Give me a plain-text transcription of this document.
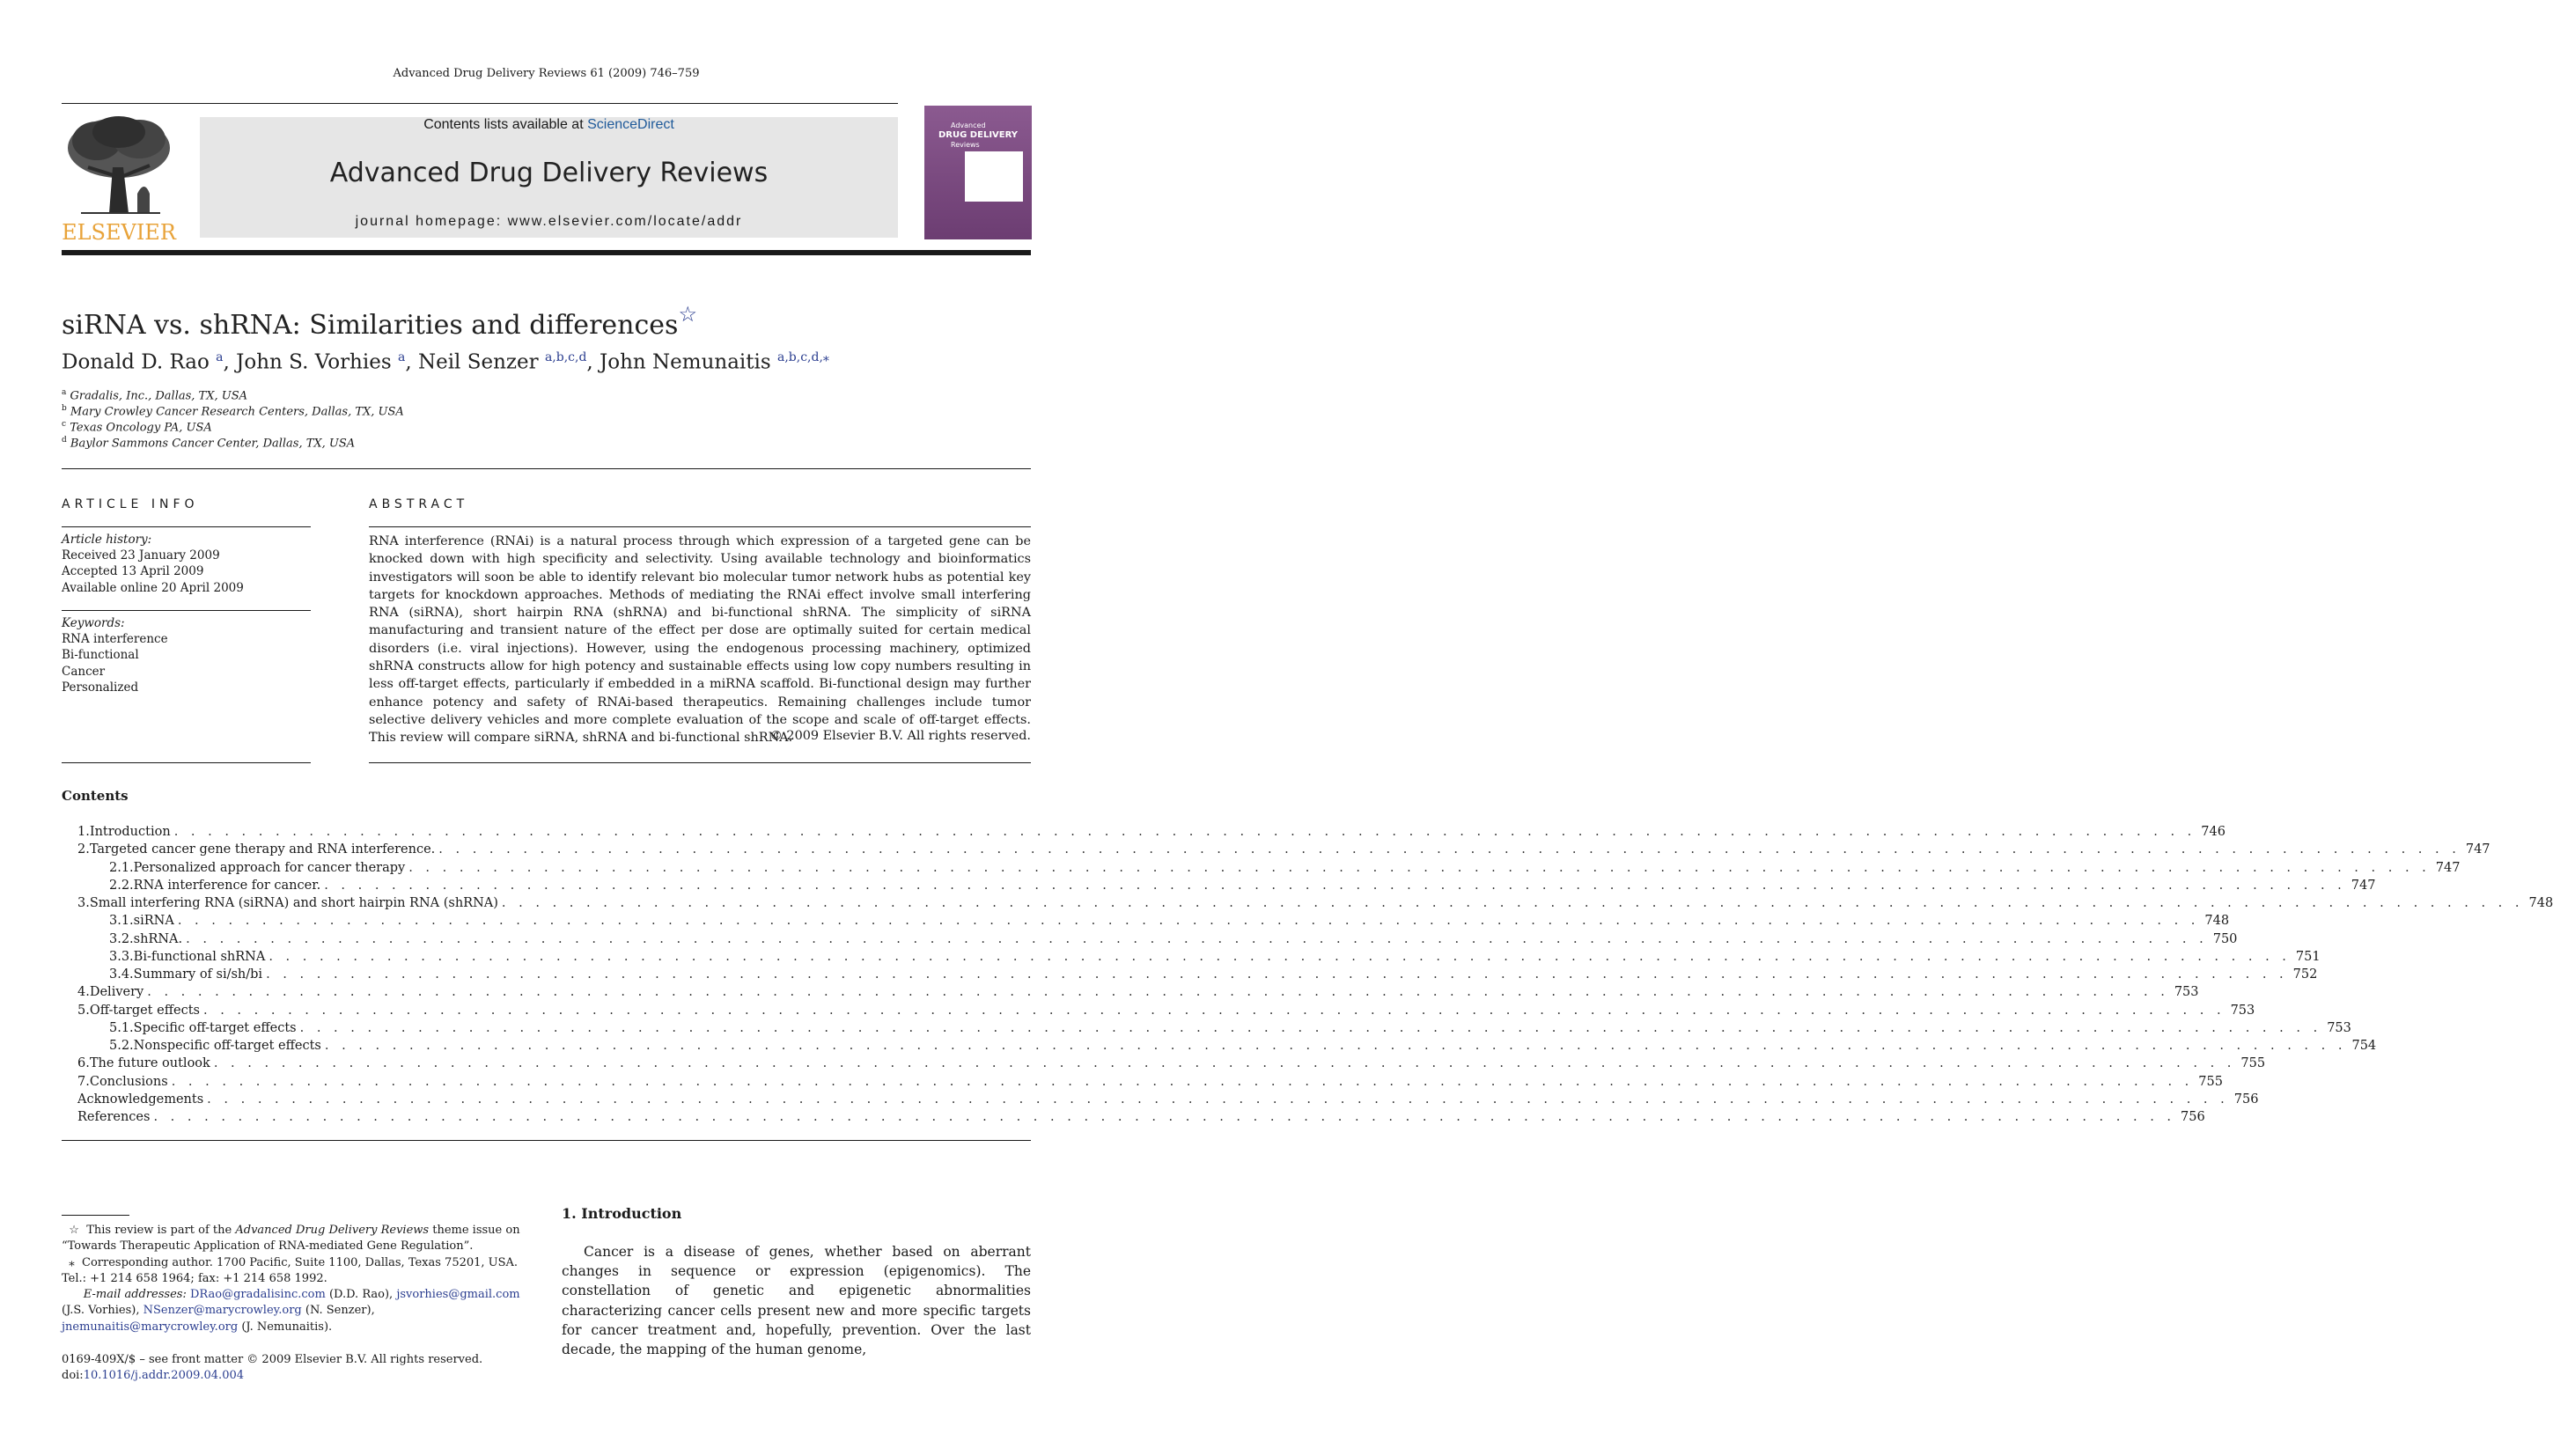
Advanced Drug Delivery Reviews 61 (2009) 746–759
ELSEVIER
Contents lists available at ScienceDirect
Advanced Drug Delivery Reviews
journal homepage: www.elsevier.com/locate/addr
Advanced
DRUG DELIVERY
Reviews
siRNA vs. shRNA: Similarities and differences☆
Donald D. Rao $^a$, John S. Vorhies $^a$, Neil Senzer $^{a,b,c,d}$, John Nemunaitis $^{a,b,c,d,⁎}$
$^a$ Gradalis, Inc., Dallas, TX, USA
$^b$ Mary Crowley Cancer Research Centers, Dallas, TX, USA
$^c$ Texas Oncology PA, USA
$^d$ Baylor Sammons Cancer Center, Dallas, TX, USA
ARTICLE INFO
Article history:
Received 23 January 2009
Accepted 13 April 2009
Available online 20 April 2009
Keywords:
RNA interference
Bi-functional
Cancer
Personalized
ABSTRACT
RNA interference (RNAi) is a natural process through which expression of a targeted gene can be knocked down with high specificity and selectivity. Using available technology and bioinformatics investigators will soon be able to identify relevant bio molecular tumor network hubs as potential key targets for knockdown approaches. Methods of mediating the RNAi effect involve small interfering RNA (siRNA), short hairpin RNA (shRNA) and bi-functional shRNA. The simplicity of siRNA manufacturing and transient nature of the effect per dose are optimally suited for certain medical disorders (i.e. viral injections). However, using the endogenous processing machinery, optimized shRNA constructs allow for high potency and sustainable effects using low copy numbers resulting in less off-target effects, particularly if embedded in a miRNA scaffold. Bi-functional design may further enhance potency and safety of RNAi-based therapeutics. Remaining challenges include tumor selective delivery vehicles and more complete evaluation of the scope and scale of off-target effects. This review will compare siRNA, shRNA and bi-functional shRNA.
© 2009 Elsevier B.V. All rights reserved.
Contents
1. Introduction . . . . . . . . . . . . . . . . . . . . . . . . . . . . . . . . . . . . . . . . . . . . . . . . . . . . . . . . . . . . . . . . . . . . . . . . . . . . . . . . . . . . . . . . . . . . . . . . . . . . . . . . . . . . . . . . . . . . . . . . 746
2. Targeted cancer gene therapy and RNA interference. . . . . . . . . . . . . . . . . . . . . . . . . . . . . . . . . . . . . . . . . . . . . . . . . . . . . . . . . . . . . . . . . . . . . . . . . . . . . . . . . . . . . . . . . . . . . . . . . . . . . . . . . . . . . . . . . . . . . . . . . 747
2.1. Personalized approach for cancer therapy . . . . . . . . . . . . . . . . . . . . . . . . . . . . . . . . . . . . . . . . . . . . . . . . . . . . . . . . . . . . . . . . . . . . . . . . . . . . . . . . . . . . . . . . . . . . . . . . . . . . . . . . . . . . . . . . . . . . . . . . 747
2.2. RNA interference for cancer. . . . . . . . . . . . . . . . . . . . . . . . . . . . . . . . . . . . . . . . . . . . . . . . . . . . . . . . . . . . . . . . . . . . . . . . . . . . . . . . . . . . . . . . . . . . . . . . . . . . . . . . . . . . . . . . . . . . . . . . . 747
3. Small interfering RNA (siRNA) and short hairpin RNA (shRNA) . . . . . . . . . . . . . . . . . . . . . . . . . . . . . . . . . . . . . . . . . . . . . . . . . . . . . . . . . . . . . . . . . . . . . . . . . . . . . . . . . . . . . . . . . . . . . . . . . . . . . . . . . . . . . . . . . . . . . . . . 748
3.1. siRNA . . . . . . . . . . . . . . . . . . . . . . . . . . . . . . . . . . . . . . . . . . . . . . . . . . . . . . . . . . . . . . . . . . . . . . . . . . . . . . . . . . . . . . . . . . . . . . . . . . . . . . . . . . . . . . . . . . . . . . . . 748
3.2. shRNA. . . . . . . . . . . . . . . . . . . . . . . . . . . . . . . . . . . . . . . . . . . . . . . . . . . . . . . . . . . . . . . . . . . . . . . . . . . . . . . . . . . . . . . . . . . . . . . . . . . . . . . . . . . . . . . . . . . . . . . . . 750
3.3. Bi-functional shRNA . . . . . . . . . . . . . . . . . . . . . . . . . . . . . . . . . . . . . . . . . . . . . . . . . . . . . . . . . . . . . . . . . . . . . . . . . . . . . . . . . . . . . . . . . . . . . . . . . . . . . . . . . . . . . . . . . . . . . . . . 751
3.4. Summary of si/sh/bi . . . . . . . . . . . . . . . . . . . . . . . . . . . . . . . . . . . . . . . . . . . . . . . . . . . . . . . . . . . . . . . . . . . . . . . . . . . . . . . . . . . . . . . . . . . . . . . . . . . . . . . . . . . . . . . . . . . . . . . . 752
4. Delivery . . . . . . . . . . . . . . . . . . . . . . . . . . . . . . . . . . . . . . . . . . . . . . . . . . . . . . . . . . . . . . . . . . . . . . . . . . . . . . . . . . . . . . . . . . . . . . . . . . . . . . . . . . . . . . . . . . . . . . . . 753
5. Off-target effects . . . . . . . . . . . . . . . . . . . . . . . . . . . . . . . . . . . . . . . . . . . . . . . . . . . . . . . . . . . . . . . . . . . . . . . . . . . . . . . . . . . . . . . . . . . . . . . . . . . . . . . . . . . . . . . . . . . . . . . . 753
5.1. Specific off-target effects . . . . . . . . . . . . . . . . . . . . . . . . . . . . . . . . . . . . . . . . . . . . . . . . . . . . . . . . . . . . . . . . . . . . . . . . . . . . . . . . . . . . . . . . . . . . . . . . . . . . . . . . . . . . . . . . . . . . . . . . 753
5.2. Nonspecific off-target effects . . . . . . . . . . . . . . . . . . . . . . . . . . . . . . . . . . . . . . . . . . . . . . . . . . . . . . . . . . . . . . . . . . . . . . . . . . . . . . . . . . . . . . . . . . . . . . . . . . . . . . . . . . . . . . . . . . . . . . . . 754
6. The future outlook . . . . . . . . . . . . . . . . . . . . . . . . . . . . . . . . . . . . . . . . . . . . . . . . . . . . . . . . . . . . . . . . . . . . . . . . . . . . . . . . . . . . . . . . . . . . . . . . . . . . . . . . . . . . . . . . . . . . . . . . 755
7. Conclusions . . . . . . . . . . . . . . . . . . . . . . . . . . . . . . . . . . . . . . . . . . . . . . . . . . . . . . . . . . . . . . . . . . . . . . . . . . . . . . . . . . . . . . . . . . . . . . . . . . . . . . . . . . . . . . . . . . . . . . . . 755
Acknowledgements . . . . . . . . . . . . . . . . . . . . . . . . . . . . . . . . . . . . . . . . . . . . . . . . . . . . . . . . . . . . . . . . . . . . . . . . . . . . . . . . . . . . . . . . . . . . . . . . . . . . . . . . . . . . . . . . . . . . . . . . 756
References . . . . . . . . . . . . . . . . . . . . . . . . . . . . . . . . . . . . . . . . . . . . . . . . . . . . . . . . . . . . . . . . . . . . . . . . . . . . . . . . . . . . . . . . . . . . . . . . . . . . . . . . . . . . . . . . . . . . . . . . 756
☆ This review is part of the Advanced Drug Delivery Reviews theme issue on “Towards Therapeutic Application of RNA-mediated Gene Regulation”.
⁎  Corresponding author. 1700 Pacific, Suite 1100, Dallas, Texas 75201, USA. Tel.: +1 214 658 1964; fax: +1 214 658 1992.
E-mail addresses: DRao@gradalisinc.com (D.D. Rao), jsvorhies@gmail.com (J.S. Vorhies), NSenzer@marycrowley.org (N. Senzer), jnemunaitis@marycrowley.org (J. Nemunaitis).
0169-409X/$ – see front matter © 2009 Elsevier B.V. All rights reserved.
doi:10.1016/j.addr.2009.04.004
1. Introduction
Cancer is a disease of genes, whether based on aberrant changes in sequence or expression (epigenomics). The constellation of genetic and epigenetic abnormalities characterizing cancer cells present new and more specific targets for cancer treatment and, hopefully, prevention. Over the last decade, the mapping of the human genome,
